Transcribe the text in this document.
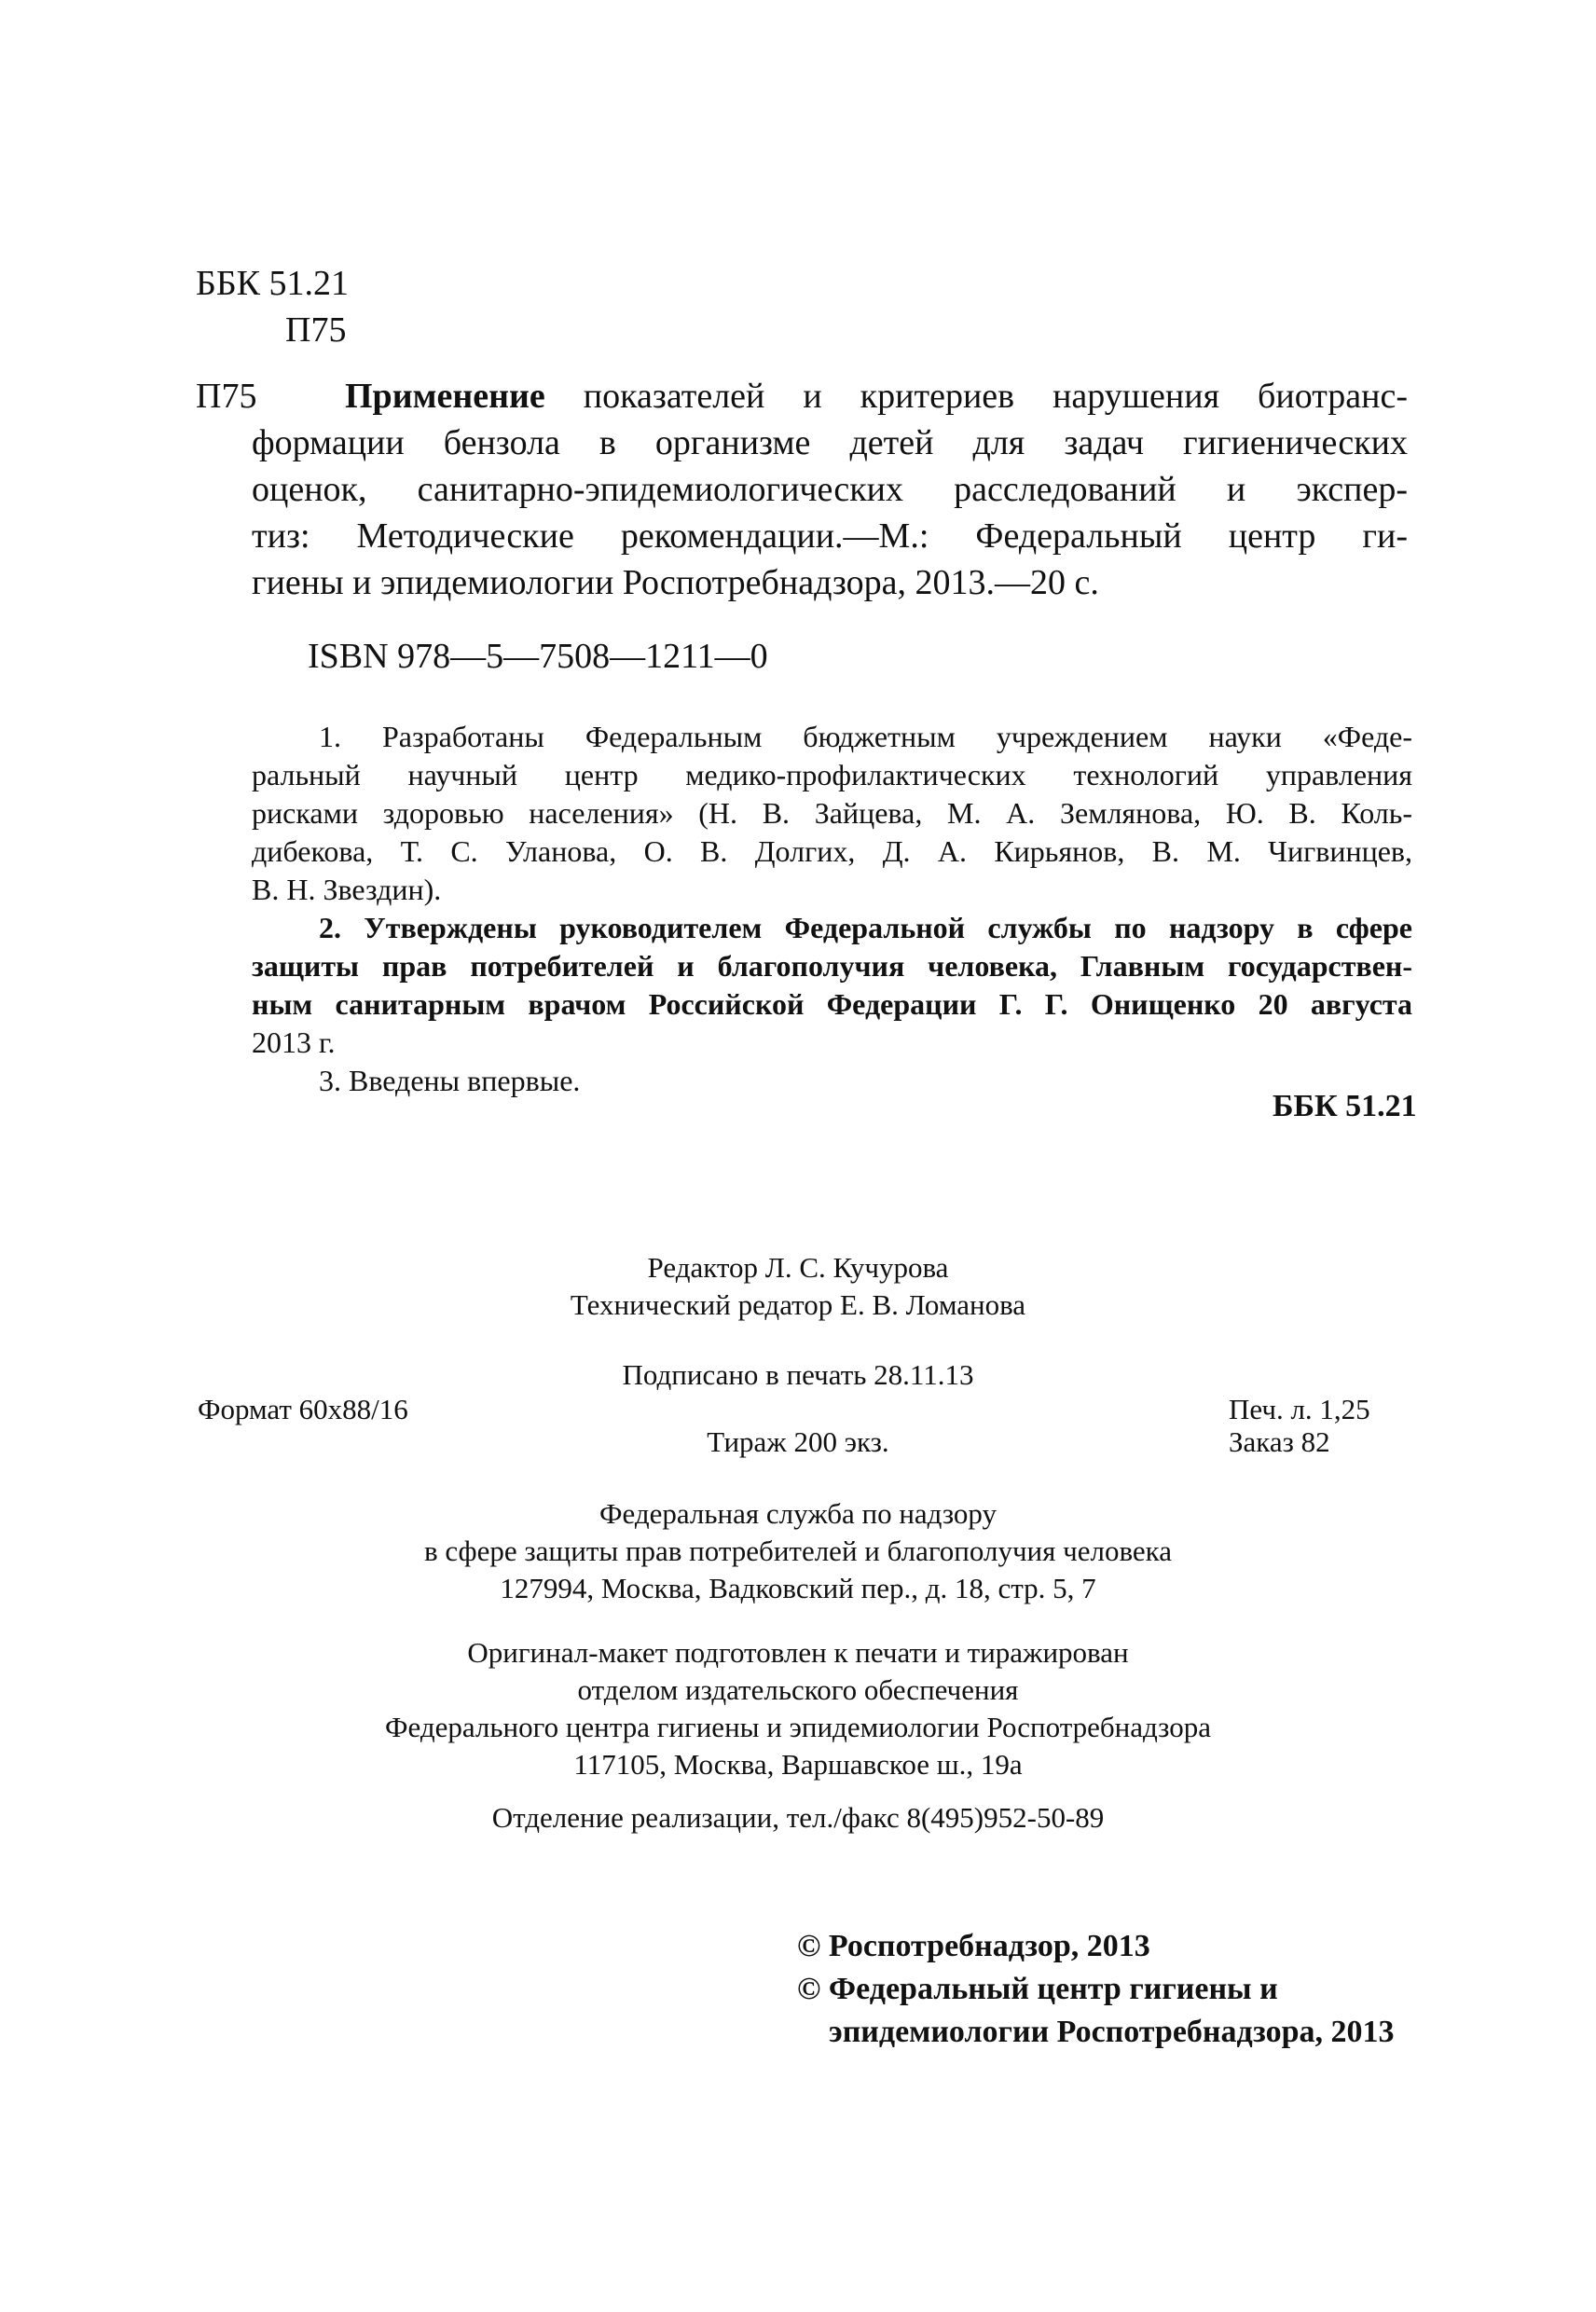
ББК 51.21
П75
П75 Применение показателей и критериев нарушения биотранс-
формации бензола в организме детей для задач гигиенических
оценок, санитарно-эпидемиологических расследований и экспер-
тиз: Методические рекомендации.—М.: Федеральный центр ги-
гиены и эпидемиологии Роспотребнадзора, 2013.—20 с.
ISBN 978—5—7508—1211—0
1. Разработаны Федеральным бюджетным учреждением науки «Феде-
ральный научный центр медико-профилактических технологий управления
рисками здоровью населения» (Н. В. Зайцева, М. А. Землянова, Ю. В. Коль-
дибекова, Т. С. Уланова, О. В. Долгих, Д. А. Кирьянов, В. М. Чигвинцев,
В. Н. Звездин).
2. Утверждены руководителем Федеральной службы по надзору в сфере
защиты прав потребителей и благополучия человека, Главным государствен-
ным санитарным врачом Российской Федерации Г. Г. Онищенко 20 августа
2013 г.
3. Введены впервые.
ББК 51.21
Редактор Л. С. Кучурова
Технический редатор Е. В. Ломанова
Подписано в печать 28.11.13
Формат 60х88/16	Печ. л. 1,25
Тираж 200 экз.	Заказ 82
Федеральная служба по надзору
в сфере защиты прав потребителей и благополучия человека
127994, Москва, Вадковский пер., д. 18, стр. 5, 7
Оригинал-макет подготовлен к печати и тиражирован
отделом издательского обеспечения
Федерального центра гигиены и эпидемиологии Роспотребнадзора
117105, Москва, Варшавское ш., 19а
Отделение реализации, тел./факс 8(495)952-50-89
© Роспотребнадзор, 2013
© Федеральный центр гигиены и
эпидемиологии Роспотребнадзора, 2013
